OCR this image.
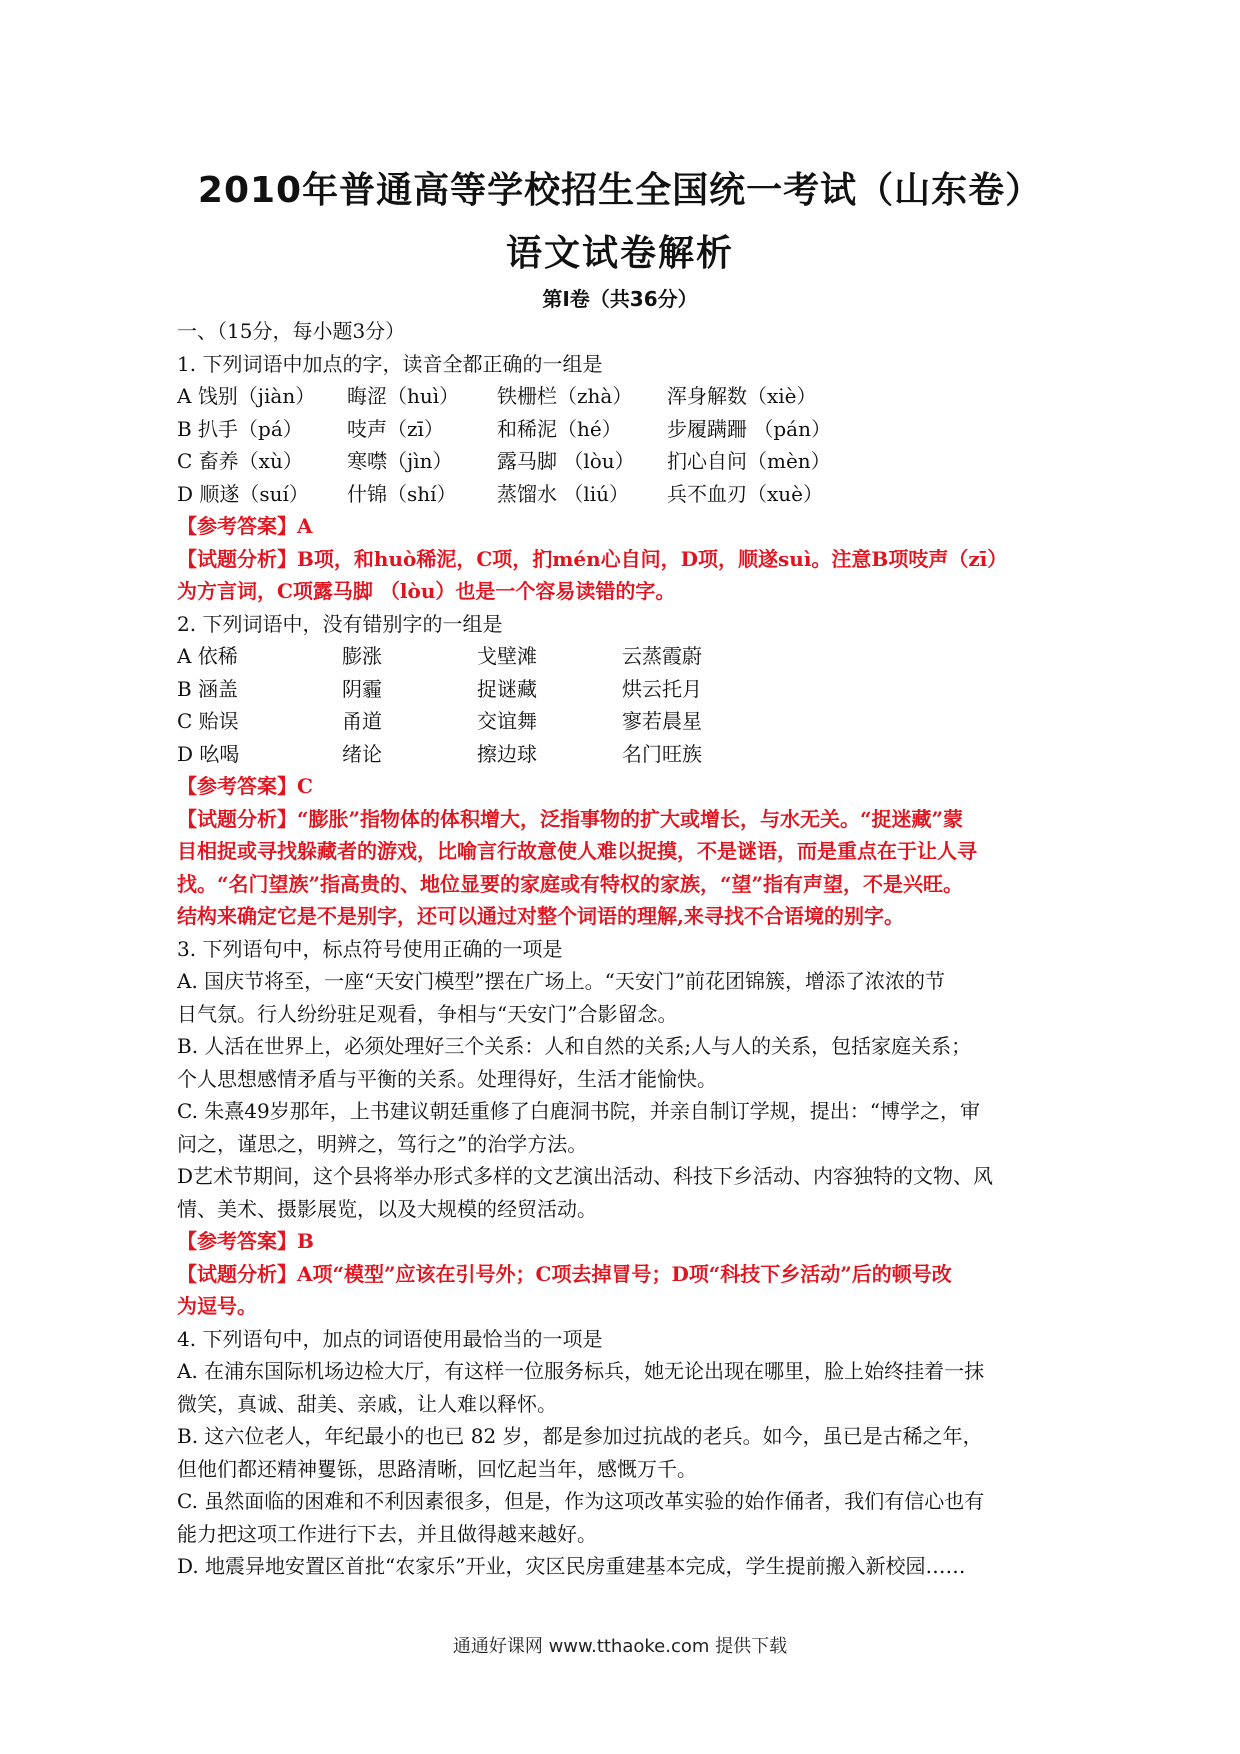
2010年普通高等学校招生全国统一考试（山东卷）
语文试卷解析
第Ⅰ卷（共36分）
一、（15分，每小题3分）
1. 下列词语中加点的字，读音全都正确的一组是
A 饯别（jiàn） 晦涩（huì） 铁栅栏（zhà） 浑身解数（xiè）
B 扒手（pá） 吱声（zī）	和稀泥（hé） 步履蹒跚 （pán）
C 畜养（xù） 寒噤（jìn） 露马脚 （lòu） 扪心自问（mèn）
D 顺遂（suí） 什锦（shí） 蒸馏水 （liú） 兵不血刃（xuè）
【参考答案】A
【试题分析】B项，和huò稀泥，C项，扪mén心自问，D项，顺遂suì。注意B项吱声（zī）
为方言词，C项露马脚 （lòu）也是一个容易读错的字。
2. 下列词语中，没有错别字的一组是
A 依稀	膨涨	戈壁滩	云蒸霞蔚
B 涵盖	阴霾	捉谜藏	烘云托月
C 贻误	甬道	交谊舞	寥若晨星
D 吆喝	绪论	擦边球	名门旺族
【参考答案】C
【试题分析】“膨胀”指物体的体积增大，泛指事物的扩大或增长，与水无关。“捉迷藏”蒙
目相捉或寻找躲藏者的游戏，比喻言行故意使人难以捉摸，不是谜语，而是重点在于让人寻
找。“名门望族”指高贵的、地位显要的家庭或有特权的家族，“望”指有声望，不是兴旺。
结构来确定它是不是别字，还可以通过对整个词语的理解,来寻找不合语境的别字。
3. 下列语句中，标点符号使用正确的一项是
A. 国庆节将至，一座“天安门模型”摆在广场上。“天安门”前花团锦簇，增添了浓浓的节
日气氛。行人纷纷驻足观看，争相与“天安门”合影留念。
B. 人活在世界上，必须处理好三个关系：人和自然的关系;人与人的关系，包括家庭关系；
个人思想感情矛盾与平衡的关系。处理得好，生活才能愉快。
C. 朱熹49岁那年，上书建议朝廷重修了白鹿洞书院，并亲自制订学规，提出：“博学之，审
问之，谨思之，明辨之，笃行之”的治学方法。
D艺术节期间，这个县将举办形式多样的文艺演出活动、科技下乡活动、内容独特的文物、风
情、美术、摄影展览，以及大规模的经贸活动。
【参考答案】B
【试题分析】A项“模型”应该在引号外；C项去掉冒号；D项“科技下乡活动”后的顿号改
为逗号。
4. 下列语句中，加点的词语使用最恰当的一项是
A. 在浦东国际机场边检大厅，有这样一位服务标兵，她无论出现在哪里，脸上始终挂着一抹
微笑，真诚、甜美、亲戚，让人难以释怀。
B. 这六位老人，年纪最小的也已 82 岁，都是参加过抗战的老兵。如今，虽已是古稀之年，
但他们都还精神矍铄，思路清晰，回忆起当年，感慨万千。
C. 虽然面临的困难和不利因素很多，但是，作为这项改革实验的始作俑者，我们有信心也有
能力把这项工作进行下去，并且做得越来越好。
D. 地震异地安置区首批“农家乐”开业，灾区民房重建基本完成，学生提前搬入新校园……
通通好课网 www.tthaoke.com 提供下载
